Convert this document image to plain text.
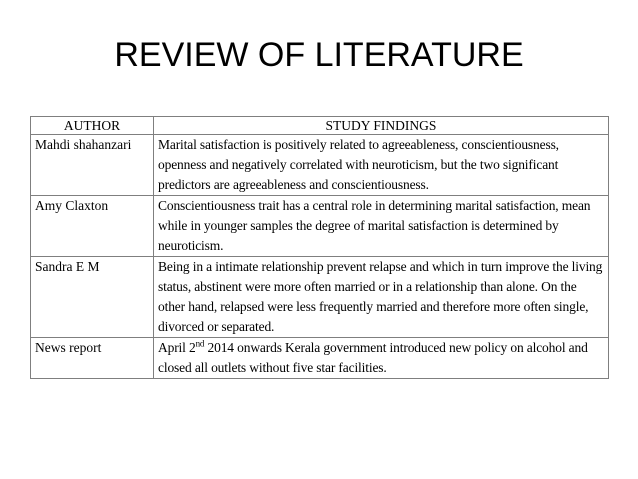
REVIEW OF LITERATURE
AUTHOR	STUDY FINDINGS
Mahdi shahanzari	Marital satisfaction is positively related to agreeableness, conscientiousness, openness and negatively correlated with neuroticism, but the two significant predictors are agreeableness and conscientiousness.
Amy Claxton	Conscientiousness trait has a central role in determining marital satisfaction, mean while in younger samples the degree of marital satisfaction is determined by neuroticism.
Sandra E M	Being in a intimate relationship prevent relapse and which in turn improve the living status, abstinent were more often married or in a relationship than alone. On the other hand, relapsed were less frequently married and therefore more often single, divorced or separated.
News report	April 2nd 2014 onwards Kerala government introduced new policy on alcohol and closed all outlets without five star facilities.
